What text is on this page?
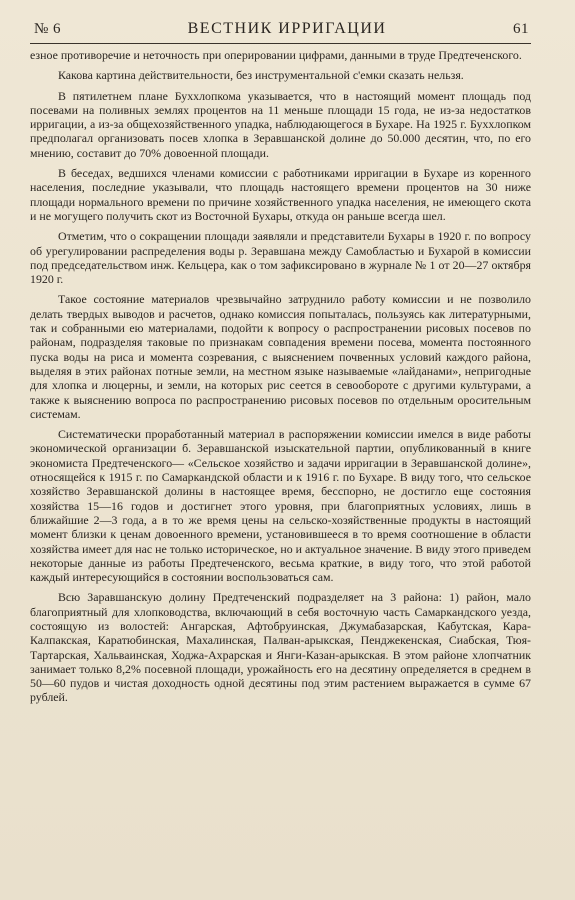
№ 6	ВЕСТНИК ИРРИГАЦИИ	61

езное противоречие и неточность при оперировании цифрами, данными в труде Предтеченского.

Какова картина действительности, без инструментальной с'емки сказать нельзя.

В пятилетнем плане Буххлопкома указывается, что в настоящий момент площадь под посевами на поливных землях процентов на 11 меньше площади 15 года, не из-за недостатков ирригации, а из-за общехозяйственного упадка, наблюдающегося в Бухаре. На 1925 г. Буххлопком предполагал организовать посев хлопка в Зеравшанской долине до 50.000 десятин, что, по его мнению, составит до 70% довоенной площади.

В беседах, ведшихся членами комиссии с работниками ирригации в Бухаре из коренного населения, последние указывали, что площадь настоящего времени процентов на 30 ниже площади нормального времени по причине хозяйственного упадка населения, не имеющего скота и не могущего получить скот из Восточной Бухары, откуда он раньше всегда шел.

Отметим, что о сокращении площади заявляли и представители Бухары в 1920 г. по вопросу об урегулировании распределения воды р. Зеравшана между Самобластью и Бухарой в комиссии под председательством инж. Кельцера, как о том зафиксировано в журнале № 1 от 20—27 октября 1920 г.

Такое состояние материалов чрезвычайно затруднило работу комиссии и не позволило делать твердых выводов и расчетов, однако комиссия попыталась, пользуясь как литературными, так и собранными ею материалами, подойти к вопросу о распространении рисовых посевов по районам, подразделяя таковые по признакам совпадения времени посева, момента постоянного пуска воды на риса и момента созревания, с выяснением почвенных условий каждого района, выделяя в этих районах потные земли, на местном языке называемые «лайданами», непригодные для хлопка и люцерны, и земли, на которых рис сеется в севообороте с другими культурами, а также к выяснению вопроса по распространению рисовых посевов по отдельным оросительным системам.

Систематически проработанный материал в распоряжении комиссии имелся в виде работы экономической организации б. Зеравшанской изыскательной партии, опубликованный в книге экономиста Предтеченского— «Сельское хозяйство и задачи ирригации в Зеравшанской долине», относящейся к 1915 г. по Самаркандской области и к 1916 г. по Бухаре. В виду того, что сельское хозяйство Зеравшанской долины в настоящее время, бесспорно, не достигло еще состояния хозяйства 15—16 годов и достигнет этого уровня, при благоприятных условиях, лишь в ближайшие 2—3 года, а в то же время цены на сельско-хозяйственные продукты в настоящий момент близки к ценам довоенного времени, установившееся в то время соотношение в области хозяйства имеет для нас не только историческое, но и актуальное значение. В виду этого приведем некоторые данные из работы Предтеченского, весьма краткие, в виду того, что этой работой каждый интересующийся в состоянии воспользоваться сам.

Всю Заравшанскую долину Предтеченский подразделяет на 3 района: 1) район, мало благоприятный для хлопководства, включающий в себя восточную часть Самаркандского уезда, состоящую из волостей: Ангарская, Афтобруинская, Джумабазарская, Кабутская, Кара-Калпакская, Каратюбинская, Махалинская, Палван-арыкская, Пенджекенская, Сиабская, Тюя-Тартарская, Хальваинская, Ходжа-Ахрарская и Янги-Казан-арыкская. В этом районе хлопчатник занимает только 8,2% посевной площади, урожайность его на десятину определяется в среднем в 50—60 пудов и чистая доходность одной десятины под этим растением выражается в сумме 67 рублей.
